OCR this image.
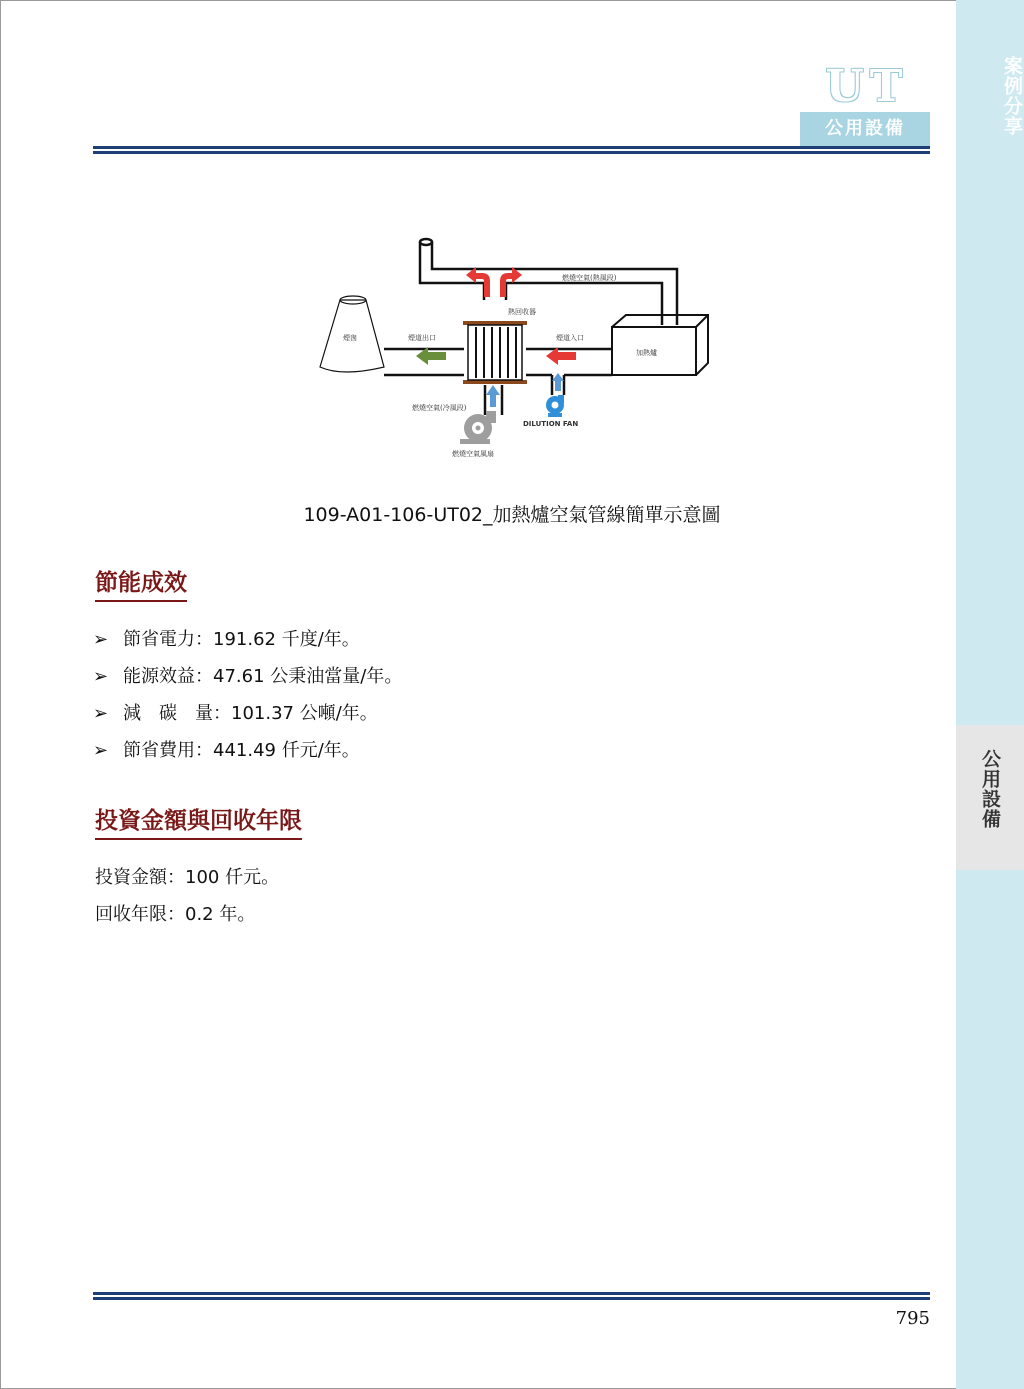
案例分享
公用設備
UT
公用設備
燃燒空氣(熱風段)
熱回收器
煙囪	煙道出口	煙道入口
加熱爐
燃燒空氣(冷風段)
DILUTION FAN
燃燒空氣風扇
109-A01-106-UT02_加熱爐空氣管線簡單示意圖
節能成效
➢ 節省電力：191.62 千度/年。
➢ 能源效益：47.61 公秉油當量/年。
➢ 減　碳　量：101.37 公噸/年。
➢ 節省費用：441.49 仟元/年。
投資金額與回收年限
投資金額：100 仟元。
回收年限：0.2 年。
795
